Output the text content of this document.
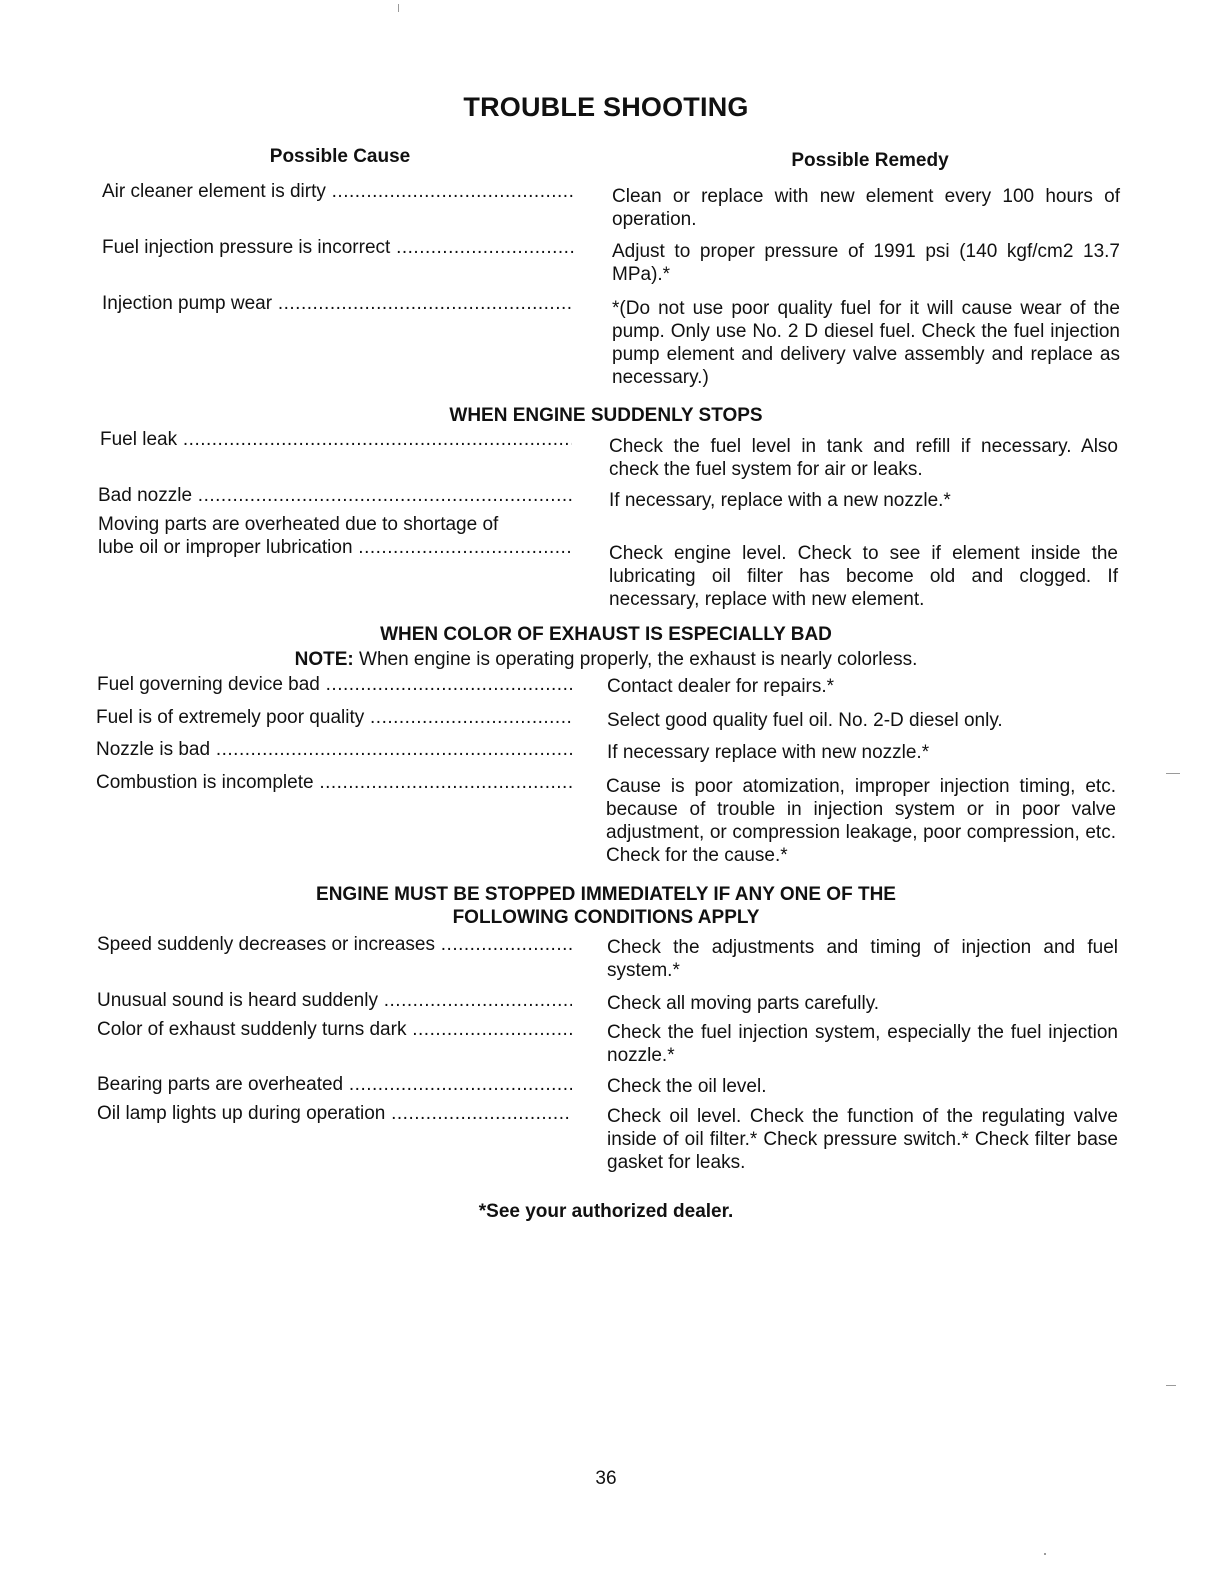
TROUBLE SHOOTING
Possible Cause	Possible Remedy
Air cleaner element is dirty .....	Clean or replace with new element every 100 hours of operation.
Fuel injection pressure is incorrect .....	Adjust to proper pressure of 1991 psi (140 kgf/cm2 13.7 MPa).*
Injection pump wear .....	*(Do not use poor quality fuel for it will cause wear of the pump. Only use No. 2 D diesel fuel. Check the fuel injection pump element and delivery valve assembly and replace as necessary.)
WHEN ENGINE SUDDENLY STOPS
Fuel leak .....	Check the fuel level in tank and refill if necessary. Also check the fuel system for air or leaks.
Bad nozzle .....	If necessary, replace with a new nozzle.*
Moving parts are overheated due to shortage of
lube oil or improper lubrication .....	Check engine level. Check to see if element inside the lubricating oil filter has become old and clogged. If necessary, replace with new element.
WHEN COLOR OF EXHAUST IS ESPECIALLY BAD
NOTE: When engine is operating properly, the exhaust is nearly colorless.
Fuel governing device bad .....	Contact dealer for repairs.*
Fuel is of extremely poor quality .....	Select good quality fuel oil. No. 2-D diesel only.
Nozzle is bad .....	If necessary replace with new nozzle.*
Combustion is incomplete .....	Cause is poor atomization, improper injection timing, etc. because of trouble in injection system or in poor valve adjustment, or compression leakage, poor compression, etc. Check for the cause.*
ENGINE MUST BE STOPPED IMMEDIATELY IF ANY ONE OF THE
FOLLOWING CONDITIONS APPLY
Speed suddenly decreases or increases .....	Check the adjustments and timing of injection and fuel system.*
Unusual sound is heard suddenly .....	Check all moving parts carefully.
Color of exhaust suddenly turns dark .....	Check the fuel injection system, especially the fuel injection nozzle.*
Bearing parts are overheated .....	Check the oil level.
Oil lamp lights up during operation .....	Check oil level. Check the function of the regulating valve inside of oil filter.* Check pressure switch.* Check filter base gasket for leaks.
*See your authorized dealer.
36
